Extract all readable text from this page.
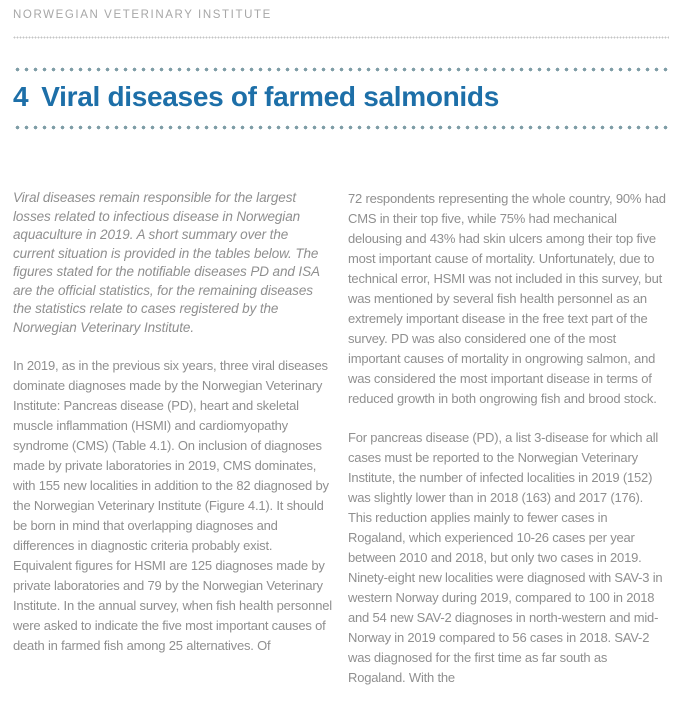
NORWEGIAN VETERINARY INSTITUTE
4 Viral diseases of farmed salmonids

Viral diseases remain responsible for the largest losses related to infectious disease in Norwegian aquaculture in 2019. A short summary over the current situation is provided in the tables below. The figures stated for the notifiable diseases PD and ISA are the official statistics, for the remaining diseases the statistics relate to cases registered by the Norwegian Veterinary Institute.

In 2019, as in the previous six years, three viral diseases dominate diagnoses made by the Norwegian Veterinary Institute: Pancreas disease (PD), heart and skeletal muscle inflammation (HSMI) and cardiomyopathy syndrome (CMS) (Table 4.1). On inclusion of diagnoses made by private laboratories in 2019, CMS dominates, with 155 new localities in addition to the 82 diagnosed by the Norwegian Veterinary Institute (Figure 4.1). It should be born in mind that overlapping diagnoses and differences in diagnostic criteria probably exist. Equivalent figures for HSMI are 125 diagnoses made by private laboratories and 79 by the Norwegian Veterinary Institute. In the annual survey, when fish health personnel were asked to indicate the five most important causes of death in farmed fish among 25 alternatives. Of

72 respondents representing the whole country, 90% had CMS in their top five, while 75% had mechanical delousing and 43% had skin ulcers among their top five most important cause of mortality. Unfortunately, due to technical error, HSMI was not included in this survey, but was mentioned by several fish health personnel as an extremely important disease in the free text part of the survey. PD was also considered one of the most important causes of mortality in ongrowing salmon, and was considered the most important disease in terms of reduced growth in both ongrowing fish and brood stock.

For pancreas disease (PD), a list 3-disease for which all cases must be reported to the Norwegian Veterinary Institute, the number of infected localities in 2019 (152) was slightly lower than in 2018 (163) and 2017 (176). This reduction applies mainly to fewer cases in Rogaland, which experienced 10-26 cases per year between 2010 and 2018, but only two cases in 2019. Ninety-eight new localities were diagnosed with SAV-3 in western Norway during 2019, compared to 100 in 2018 and 54 new SAV-2 diagnoses in north-western and mid-Norway in 2019 compared to 56 cases in 2018. SAV-2 was diagnosed for the first time as far south as Rogaland. With the
